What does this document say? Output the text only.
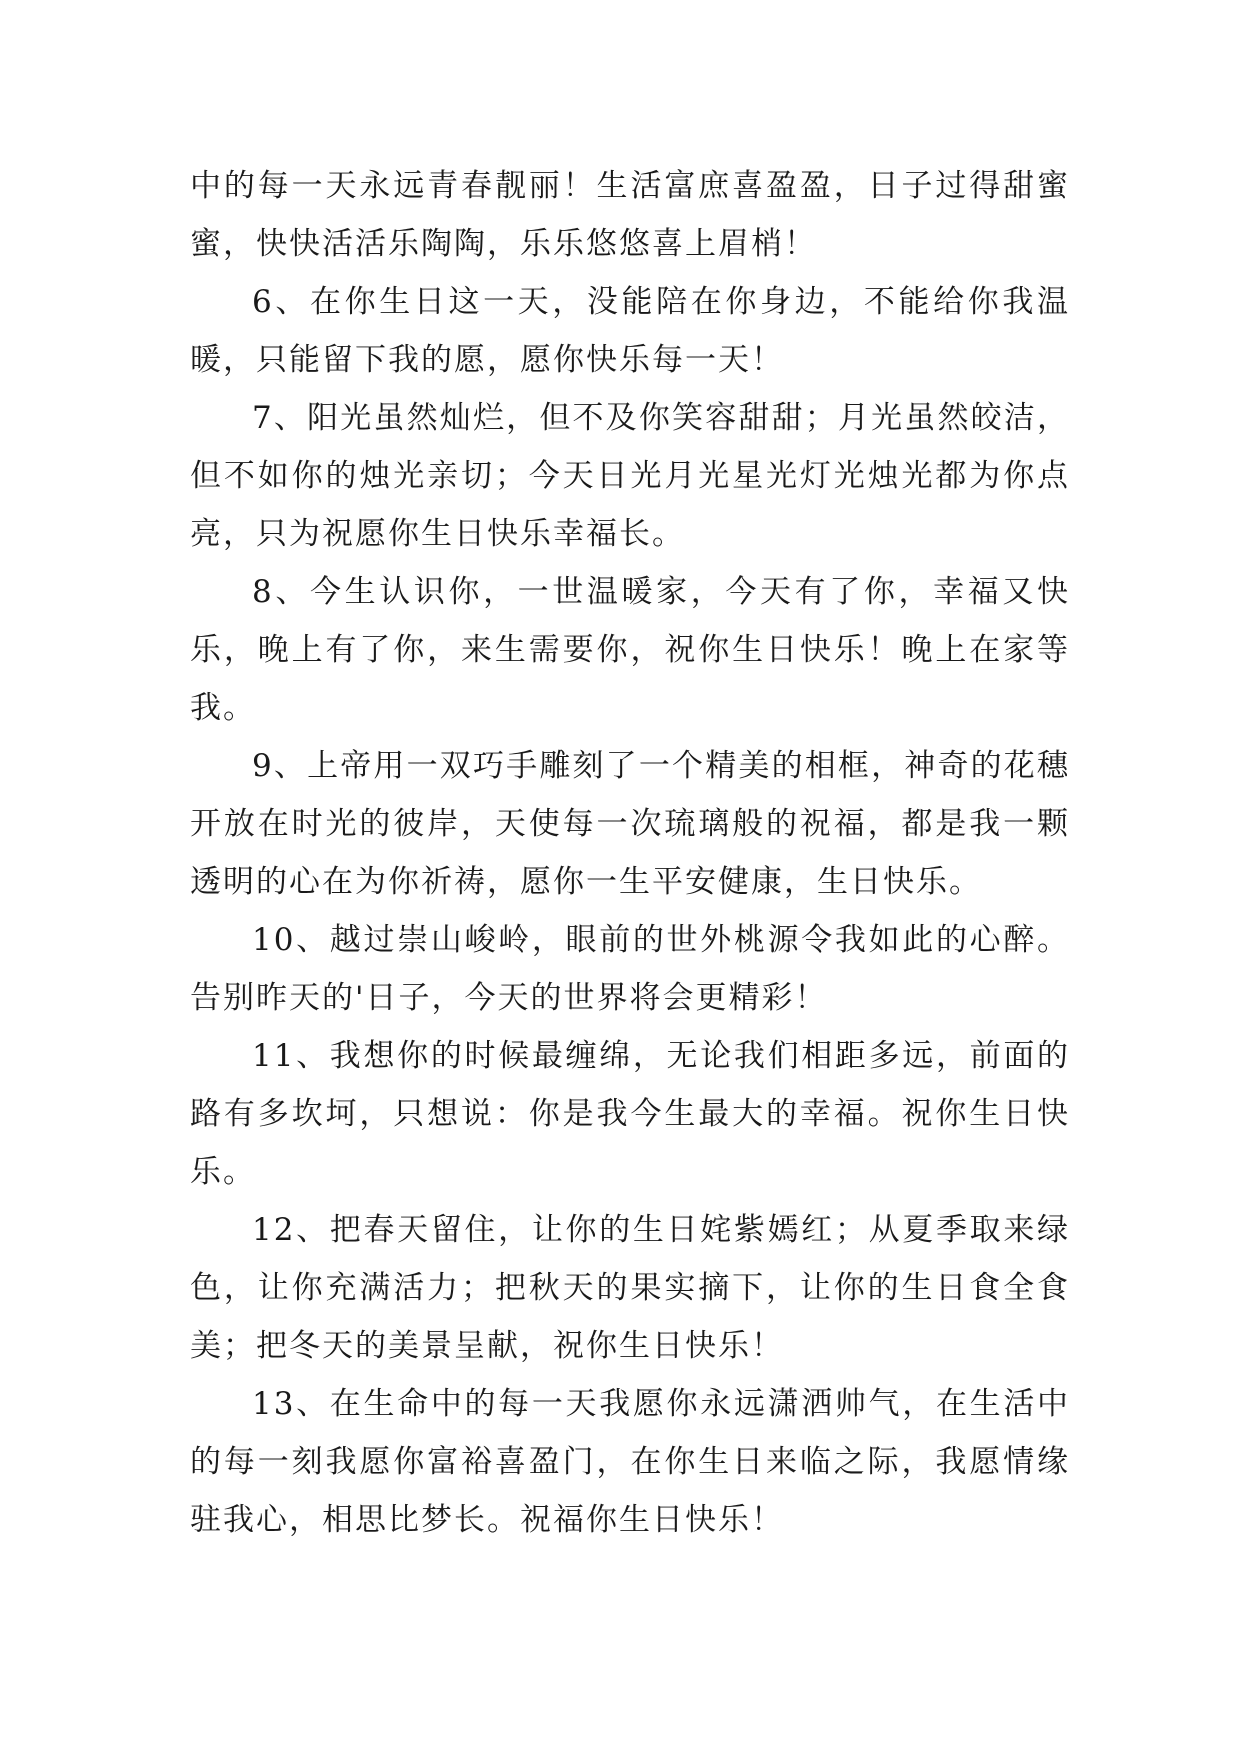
中的每一天永远青春靓丽！生活富庶喜盈盈，日子过得甜蜜蜜，快快活活乐陶陶，乐乐悠悠喜上眉梢！

6、在你生日这一天，没能陪在你身边，不能给你我温暖，只能留下我的愿，愿你快乐每一天！

7、阳光虽然灿烂，但不及你笑容甜甜；月光虽然皎洁，但不如你的烛光亲切；今天日光月光星光灯光烛光都为你点亮，只为祝愿你生日快乐幸福长。

8、今生认识你，一世温暖家，今天有了你，幸福又快乐，晚上有了你，来生需要你，祝你生日快乐！晚上在家等我。

9、上帝用一双巧手雕刻了一个精美的相框，神奇的花穗开放在时光的彼岸，天使每一次琉璃般的祝福，都是我一颗透明的心在为你祈祷，愿你一生平安健康，生日快乐。

10、越过崇山峻岭，眼前的世外桃源令我如此的心醉。告别昨天的'日子，今天的世界将会更精彩！

11、我想你的时候最缠绵，无论我们相距多远，前面的路有多坎坷，只想说：你是我今生最大的幸福。祝你生日快乐。

12、把春天留住，让你的生日姹紫嫣红；从夏季取来绿色，让你充满活力；把秋天的果实摘下，让你的生日食全食美；把冬天的美景呈献，祝你生日快乐！

13、在生命中的每一天我愿你永远潇洒帅气，在生活中的每一刻我愿你富裕喜盈门，在你生日来临之际，我愿情缘驻我心，相思比梦长。祝福你生日快乐！
